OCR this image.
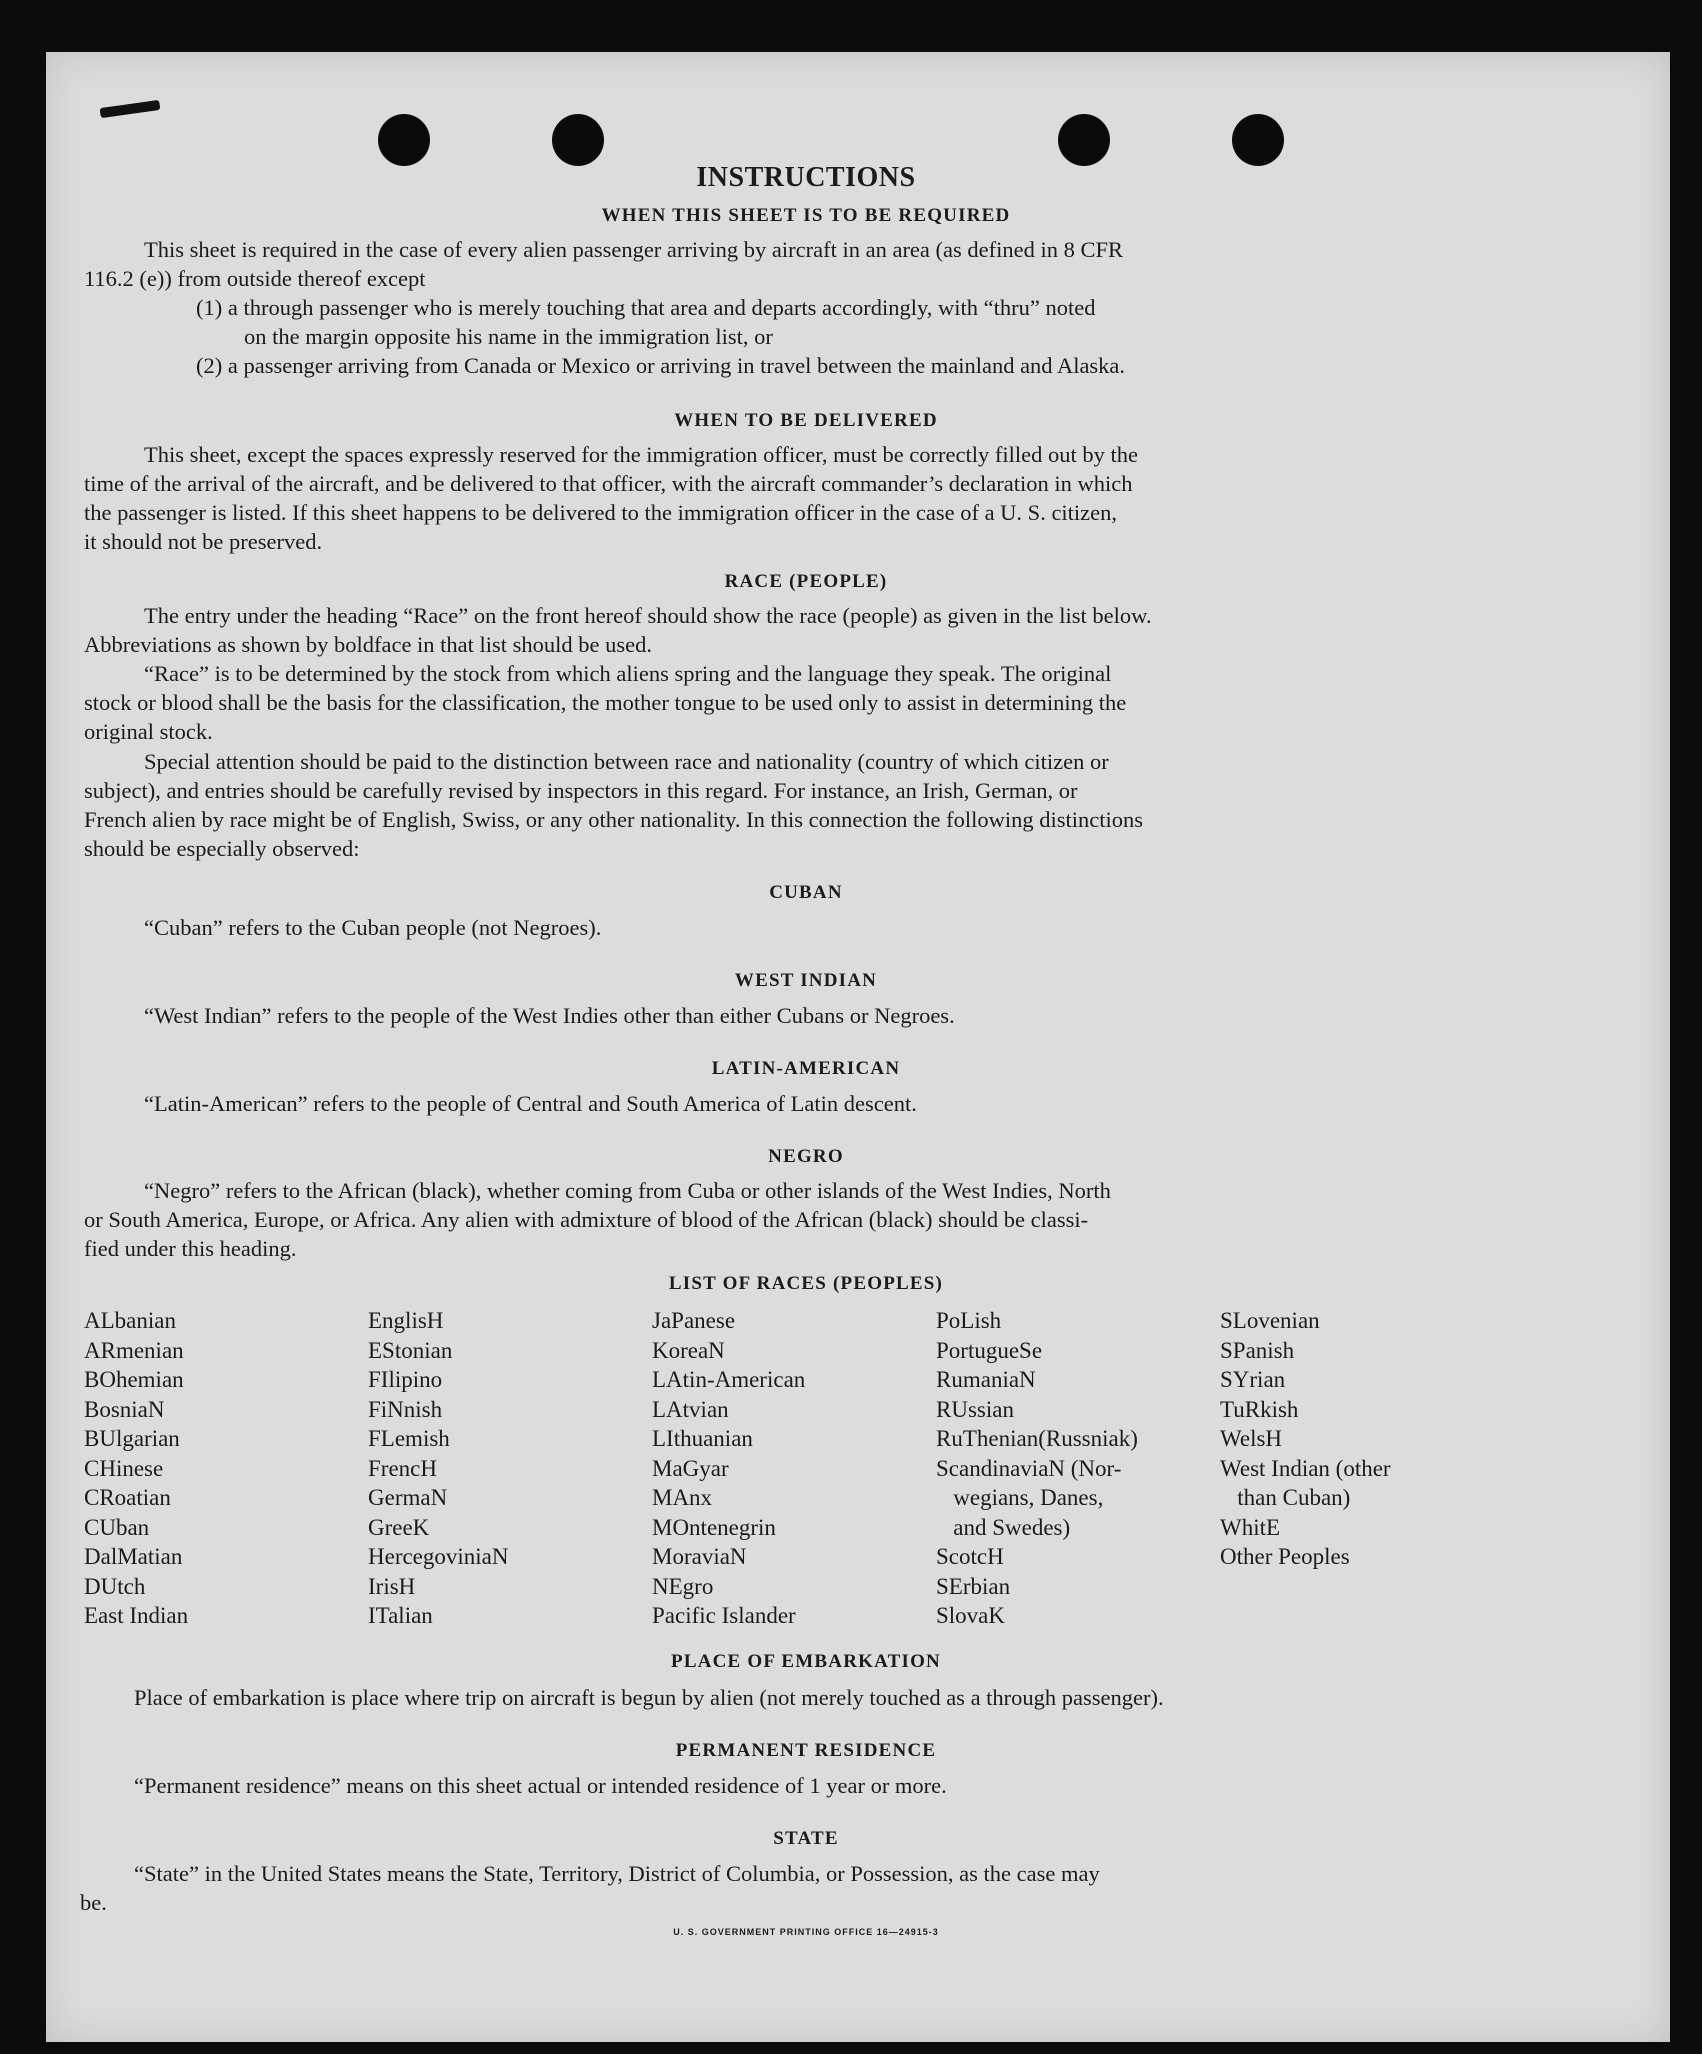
INSTRUCTIONS
WHEN THIS SHEET IS TO BE REQUIRED
This sheet is required in the case of every alien passenger arriving by aircraft in an area (as defined in 8 CFR
116.2 (e)) from outside thereof except
(1) a through passenger who is merely touching that area and departs accordingly, with “thru” noted
on the margin opposite his name in the immigration list, or
(2) a passenger arriving from Canada or Mexico or arriving in travel between the mainland and Alaska.
WHEN TO BE DELIVERED
This sheet, except the spaces expressly reserved for the immigration officer, must be correctly filled out by the
time of the arrival of the aircraft, and be delivered to that officer, with the aircraft commander’s declaration in which
the passenger is listed. If this sheet happens to be delivered to the immigration officer in the case of a U. S. citizen,
it should not be preserved.
RACE (PEOPLE)
The entry under the heading “Race” on the front hereof should show the race (people) as given in the list below.
Abbreviations as shown by boldface in that list should be used.
“Race” is to be determined by the stock from which aliens spring and the language they speak. The original
stock or blood shall be the basis for the classification, the mother tongue to be used only to assist in determining the
original stock.
Special attention should be paid to the distinction between race and nationality (country of which citizen or
subject), and entries should be carefully revised by inspectors in this regard. For instance, an Irish, German, or
French alien by race might be of English, Swiss, or any other nationality. In this connection the following distinctions
should be especially observed:
CUBAN
“Cuban” refers to the Cuban people (not Negroes).
WEST INDIAN
“West Indian” refers to the people of the West Indies other than either Cubans or Negroes.
LATIN-AMERICAN
“Latin-American” refers to the people of Central and South America of Latin descent.
NEGRO
“Negro” refers to the African (black), whether coming from Cuba or other islands of the West Indies, North
or South America, Europe, or Africa. Any alien with admixture of blood of the African (black) should be classi-
fied under this heading.
LIST OF RACES (PEOPLES)
ALbanian
ARmenian
BOhemian
BosniaN
BUlgarian
CHinese
CRoatian
CUban
DalMatian
DUtch
East Indian
EnglisH
EStonian
FIlipino
FiNnish
FLemish
FrencH
GermaN
GreeK
HercegoviniaN
IrisH
ITalian
JaPanese
KoreaN
LAtin-American
LAtvian
LIthuanian
MaGyar
MAnx
MOntenegrin
MoraviaN
NEgro
Pacific Islander
PoLish
PortugueSe
RumaniaN
RUssian
RuThenian(Russniak)
ScandinaviaN (Nor-
wegians, Danes,
and Swedes)
ScotcH
SErbian
SlovaK
SLovenian
SPanish
SYrian
TuRkish
WelsH
West Indian (other
than Cuban)
WhitE
Other Peoples
PLACE OF EMBARKATION
Place of embarkation is place where trip on aircraft is begun by alien (not merely touched as a through passenger).
PERMANENT RESIDENCE
“Permanent residence” means on this sheet actual or intended residence of 1 year or more.
STATE
“State” in the United States means the State, Territory, District of Columbia, or Possession, as the case may
be.
U. S. GOVERNMENT PRINTING OFFICE 16—24915-3
